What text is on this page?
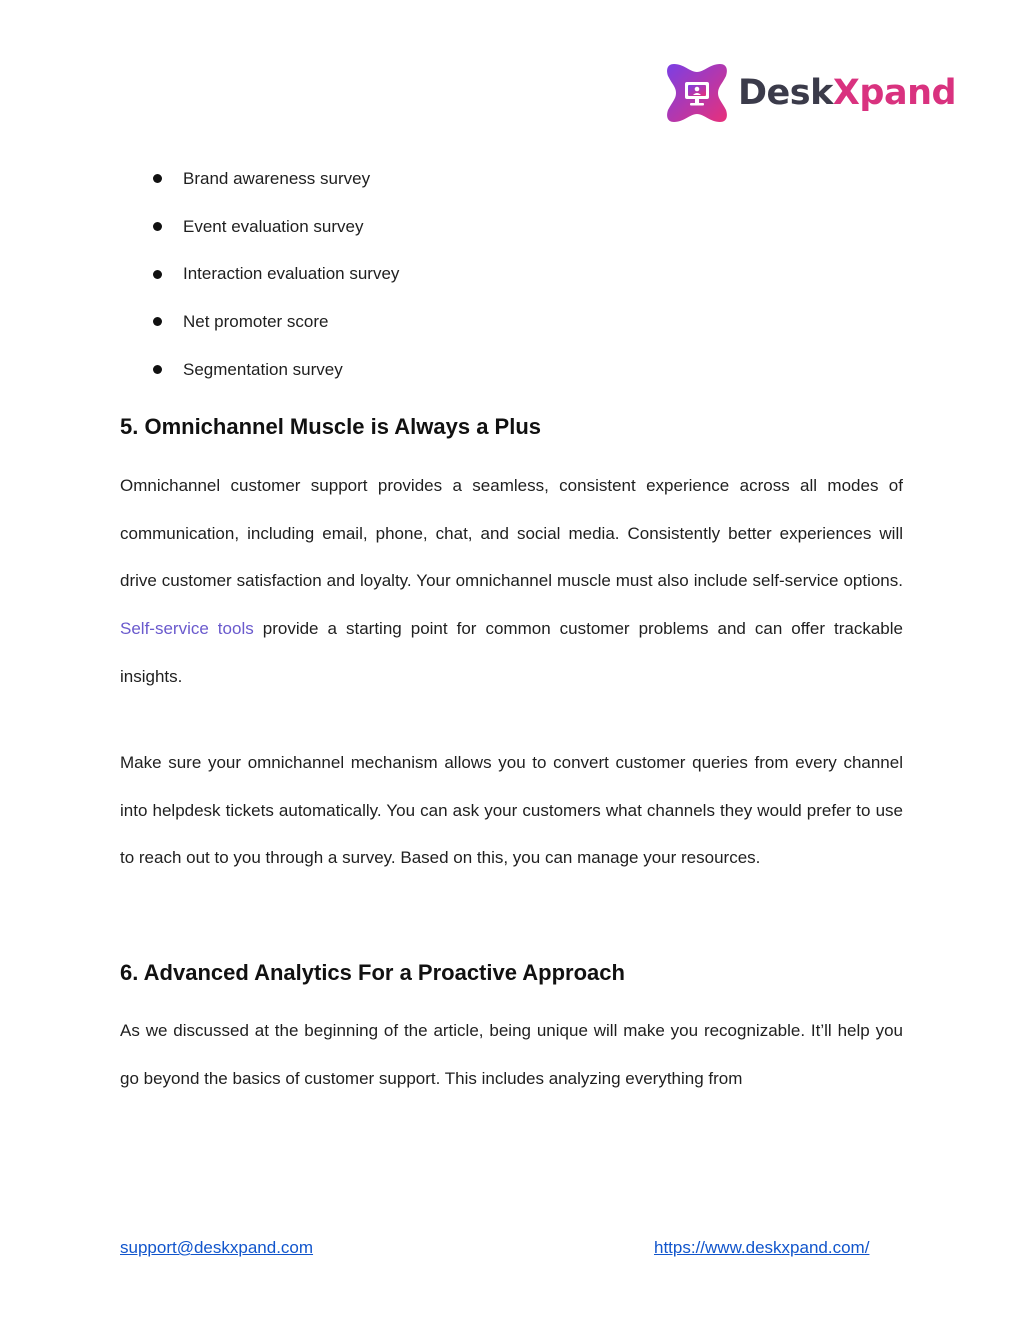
DeskXpand
Brand awareness survey
Event evaluation survey
Interaction evaluation survey
Net promoter score
Segmentation survey
5. Omnichannel Muscle is Always a Plus

Omnichannel customer support provides a seamless, consistent experience across all modes of communication, including email, phone, chat, and social media. Consistently better experiences will drive customer satisfaction and loyalty. Your omnichannel muscle must also include self-service options. Self-service tools provide a starting point for common customer problems and can offer trackable insights.

Make sure your omnichannel mechanism allows you to convert customer queries from every channel into helpdesk tickets automatically. You can ask your customers what channels they would prefer to use to reach out to you through a survey. Based on this, you can manage your resources.

6. Advanced Analytics For a Proactive Approach

As we discussed at the beginning of the article, being unique will make you recognizable. It’ll help you go beyond the basics of customer support. This includes analyzing everything from

support@deskxpand.com	https://www.deskxpand.com/
